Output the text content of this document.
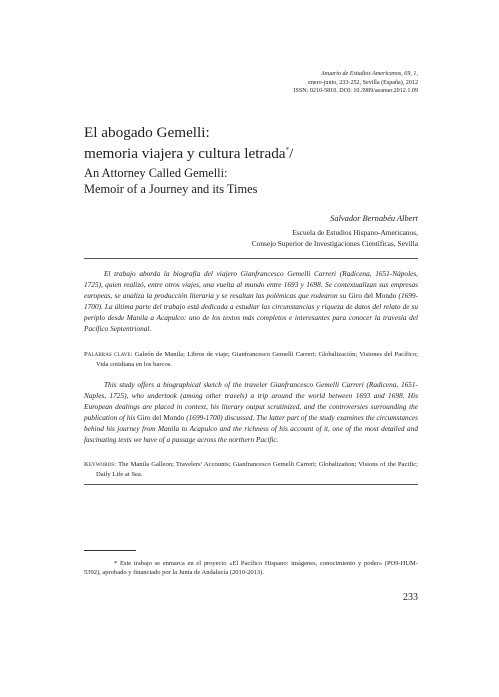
Anuario de Estudios Americanos, 69, 1,
enero-junio, 233-252, Sevilla (España), 2012
ISSN: 0210-5810. DOI: 10.3989/aeamer.2012.1.09
El abogado Gemelli:
memoria viajera y cultura letrada*/
An Attorney Called Gemelli:
Memoir of a Journey and its Times
Salvador Bernabéu Albert
Escuela de Estudios Hispano-Americanos,
Consejo Superior de Investigaciones Científicas, Sevilla
El trabajo aborda la biografía del viajero Gianfrancesco Gemelli Carreri (Radicena, 1651-Nápoles, 1725), quien realizó, entre otros viajes, una vuelta al mundo entre 1693 y 1698. Se contextualizan sus empresas europeas, se analiza la producción literaria y se resaltan las polémicas que rodearon su Giro del Mondo (1699-1700). La última parte del trabajo está dedicada a estudiar las circunstancias y riqueza de datos del relato de su periplo desde Manila a Acapulco: uno de los textos más completos e interesantes para conocer la travesía del Pacífico Septentrional.
Palabras clave: Galeón de Manila; Libros de viaje; Gianfrancesco Gemelli Carreri; Globalización; Visiones del Pacífico; Vida cotidiana en los barcos.
This study offers a biographical sketch of the traveler Gianfrancesco Gemelli Carreri (Radicena, 1651-Naples, 1725), who undertook (among other travels) a trip around the world between 1693 and 1698. His European dealings are placed in context, his literary output scrutinized, and the controversies surrounding the publication of his Giro del Mondo (1699-1700) discussed. The latter part of the study examines the circumstances behind his journey from Manila to Acapulco and the richness of his account of it, one of the most detailed and fascinating texts we have of a passage across the northern Pacific.
Keywords: The Manila Galleon; Travelers’ Accounts; Gianfrancesco Gemelli Carreri; Globalization; Visions of the Pacific; Daily Life at Sea.
* Este trabajo se enmarca en el proyecto «El Pacífico Hispano: imágenes, conocimiento y poder» (PO9-HUM-5392), aprobado y financiado por la Junta de Andalucía (2010-2013).
233
